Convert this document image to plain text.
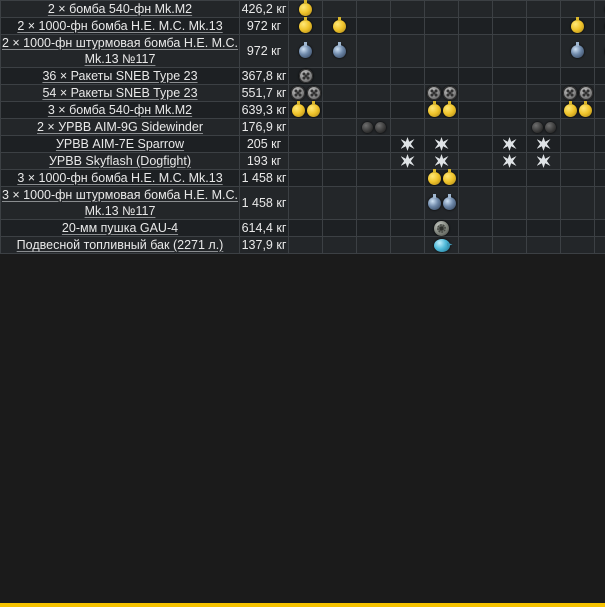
2 × бомба 540-фн Mk.M2	426,2 кг	

2 × 1000-фн бомба H.E. M.C. Mk.13	972 кг	

2 × 1000-фн штурмовая бомба H.E. M.C. Mk.13 №117	972 кг	

36 × Ракеты SNEB Type 23	367,8 кг	

54 × Ракеты SNEB Type 23	551,7 кг	

3 × бомба 540-фн Mk.M2	639,3 кг	

2 × УРВВ AIM-9G Sidewinder	176,9 кг	

УРВВ AIM-7E Sparrow	205 кг	

УРВВ Skyflash (Dogfight)	193 кг	

3 × 1000-фн бомба H.E. M.C. Mk.13	1 458 кг	

3 × 1000-фн штурмовая бомба H.E. M.C. Mk.13 №117	1 458 кг	

20-мм пушка GAU-4	614,4 кг	

Подвесной топливный бак (2271 л.)	137,9 кг	
